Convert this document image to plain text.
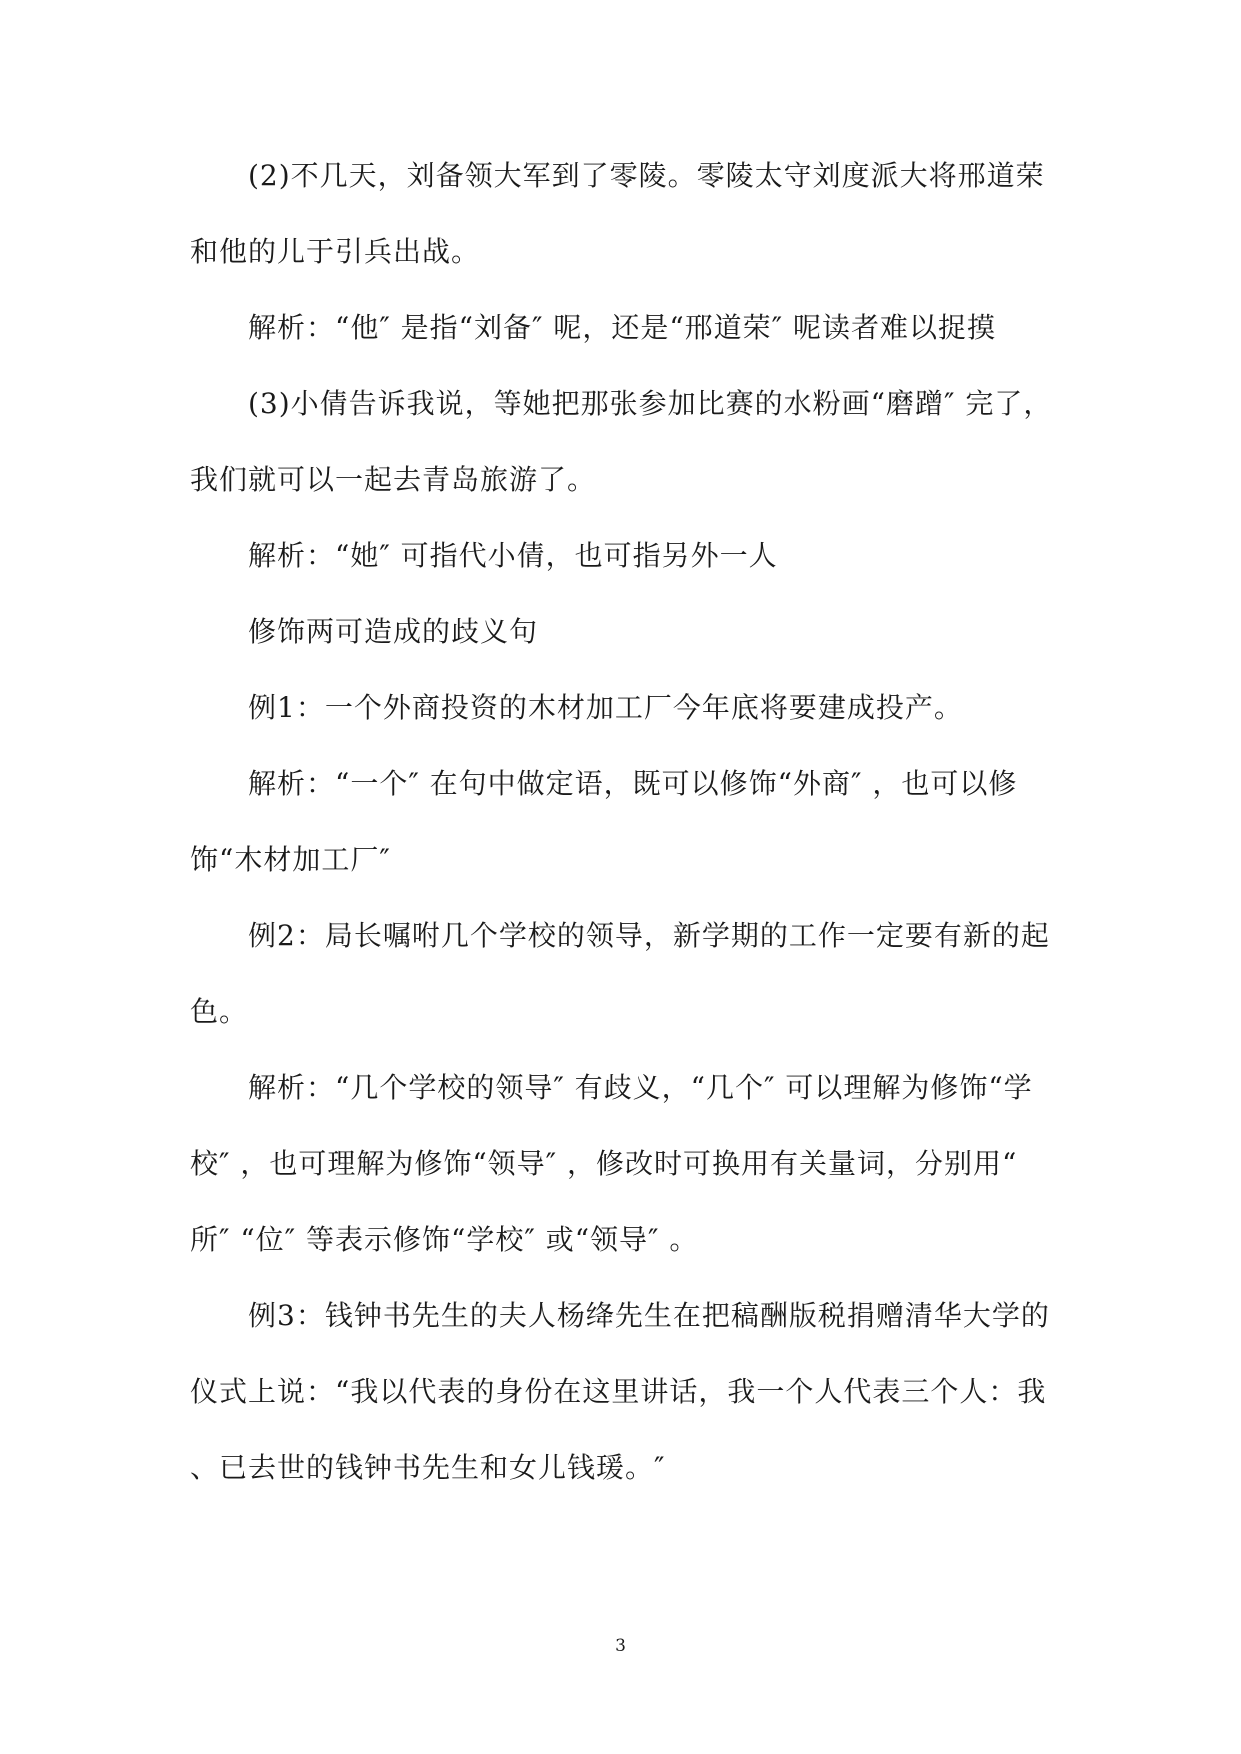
(2)不几天，刘备领大军到了零陵。零陵太守刘度派大将邢道荣
和他的儿于引兵出战。
解析：“他″ 是指“刘备″ 呢，还是“邢道荣″ 呢读者难以捉摸
(3)小倩告诉我说，等她把那张参加比赛的水粉画“磨蹭″ 完了，
我们就可以一起去青岛旅游了。
解析：“她″ 可指代小倩，也可指另外一人
修饰两可造成的歧义句
例1：一个外商投资的木材加工厂今年底将要建成投产。
解析：“一个″ 在句中做定语，既可以修饰“外商″ ，也可以修
饰“木材加工厂″
例2：局长嘱咐几个学校的领导，新学期的工作一定要有新的起
色。
解析：“几个学校的领导″ 有歧义，“几个″ 可以理解为修饰“学
校″ ，也可理解为修饰“领导″ ，修改时可换用有关量词，分别用“
所″ “位″ 等表示修饰“学校″ 或“领导″ 。
例3：钱钟书先生的夫人杨绛先生在把稿酬版税捐赠清华大学的
仪式上说：“我以代表的身份在这里讲话，我一个人代表三个人：我
、已去世的钱钟书先生和女儿钱瑗。″
3
